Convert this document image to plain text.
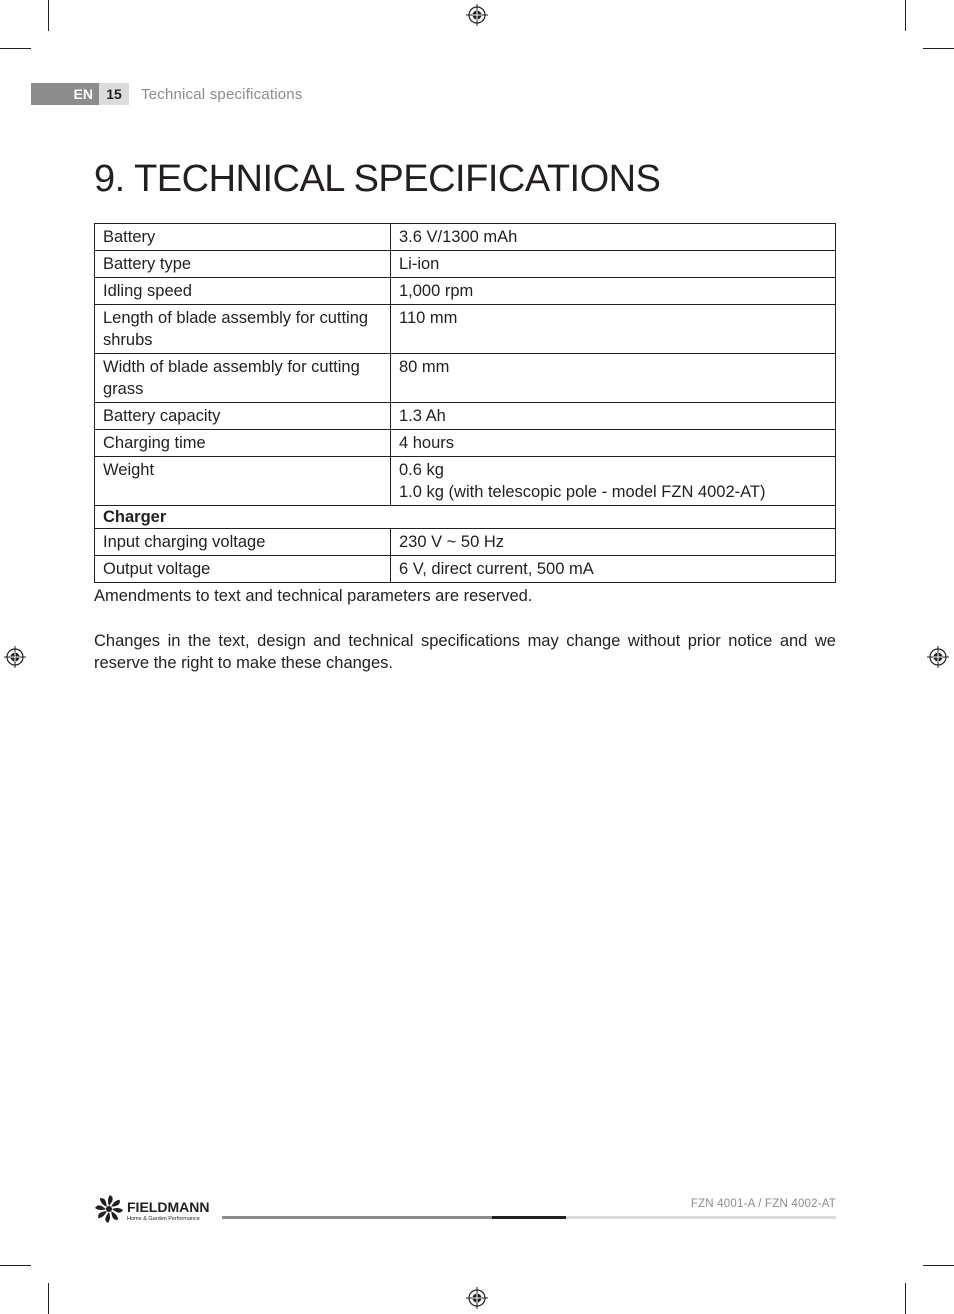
EN 15	Technical specifications
9. TECHNICAL SPECIFICATIONS
Battery	3.6 V/1300 mAh

Battery type	Li-ion

Idling speed	1,000 rpm

Length of blade assembly for cutting shrubs	110 mm

Width of blade assembly for cutting grass	80 mm

Battery capacity	1.3 Ah

Charging time	4 hours

Weight	0.6 kg
1.0 kg (with telescopic pole - model FZN 4002-AT)

Charger	
Input charging voltage	230 V ~ 50 Hz

Output voltage	6 V, direct current, 500 mA

Amendments to text and technical parameters are reserved.

Changes in the text, design and technical specifications may change without prior notice and we reserve the right to make these changes.

FIELDMANN
Home & Garden Performance
FZN 4001-A / FZN 4002-AT
